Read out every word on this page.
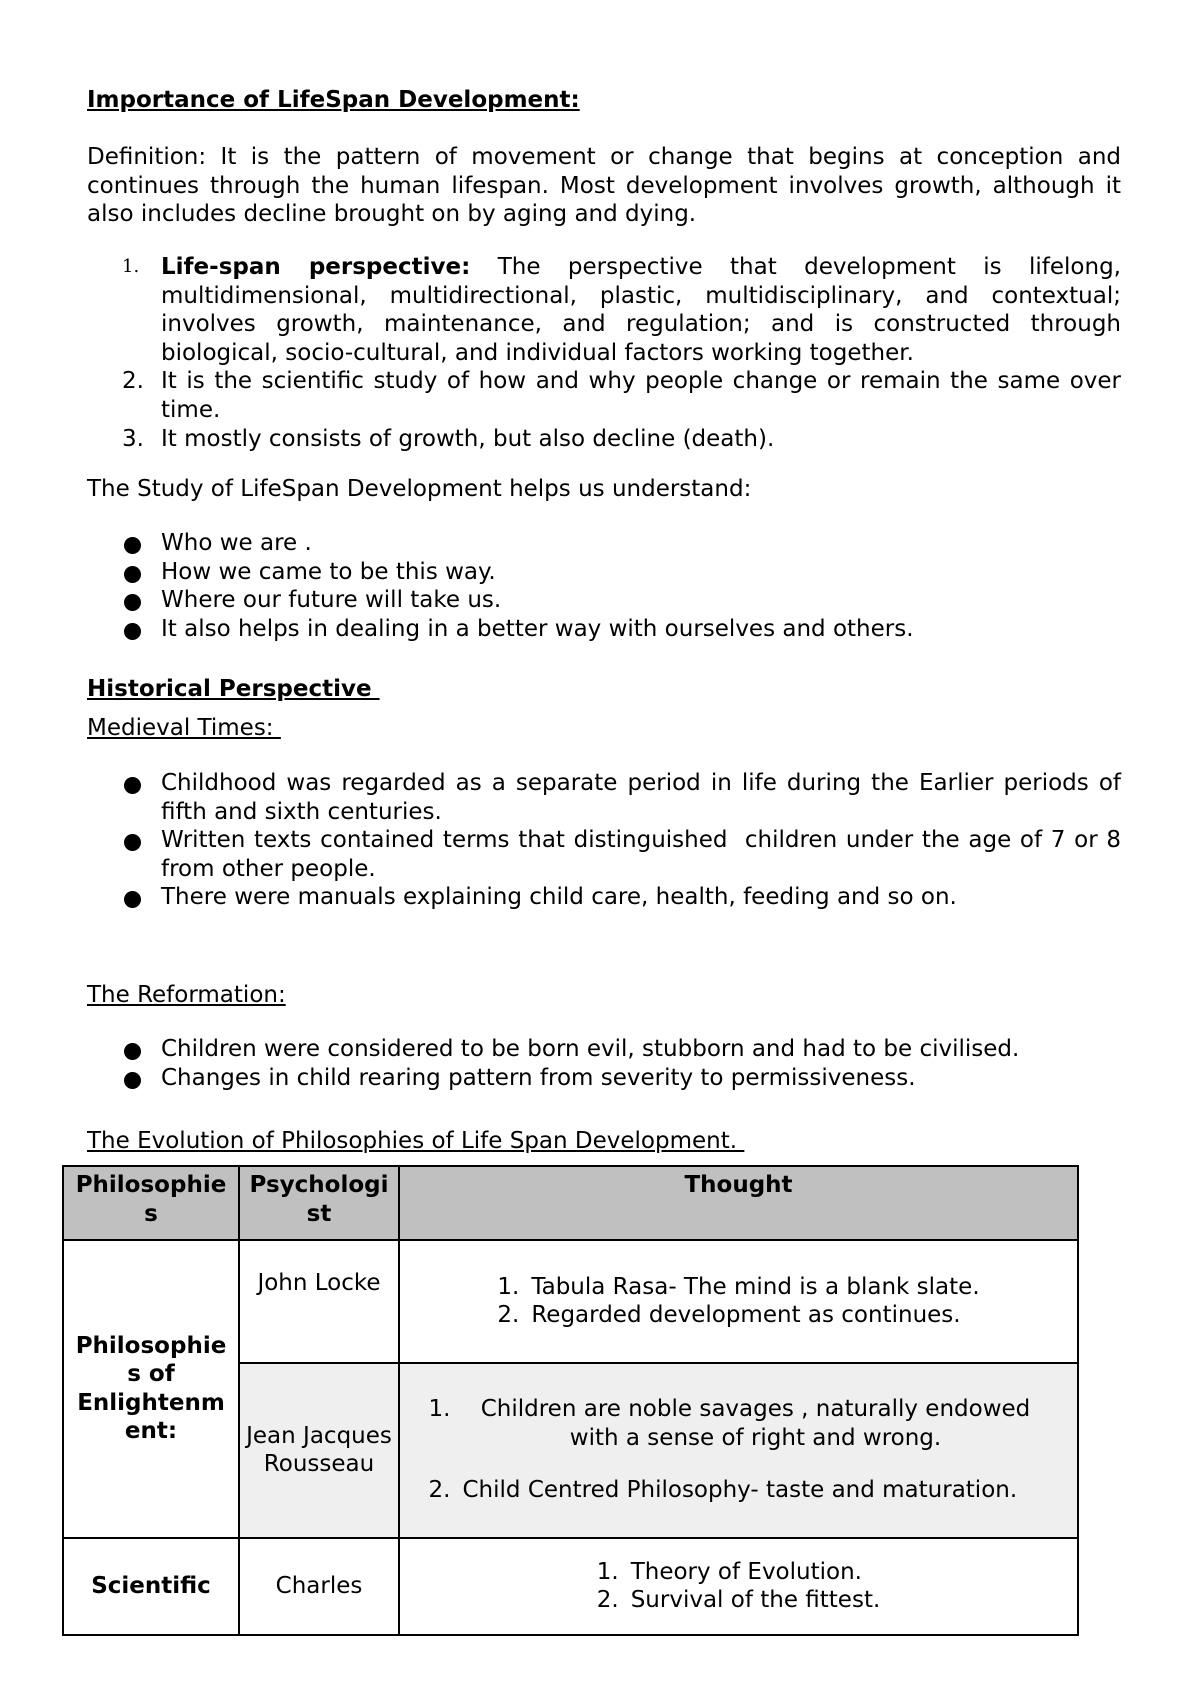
Importance of LifeSpan Development:
Definition: It is the pattern of movement or change that begins at conception and continues through the human lifespan. Most development involves growth, although it also includes decline brought on by aging and dying.
1. Life-span perspective: The perspective that development is lifelong, multidimensional, multidirectional, plastic, multidisciplinary, and contextual; involves growth, maintenance, and regulation; and is constructed through biological, socio-cultural, and individual factors working together.
2. It is the scientific study of how and why people change or remain the same over time.
3. It mostly consists of growth, but also decline (death).
The Study of LifeSpan Development helps us understand:
Who we are .
How we came to be this way.
Where our future will take us.
It also helps in dealing in a better way with ourselves and others.
Historical Perspective
Medieval Times:
Childhood was regarded as a separate period in life during the Earlier periods of fifth and sixth centuries.
Written texts contained terms that distinguished  children under the age of 7 or 8 from other people.
There were manuals explaining child care, health, feeding and so on.
The Reformation:
Children were considered to be born evil, stubborn and had to be civilised.
Changes in child rearing pattern from severity to permissiveness.
The Evolution of Philosophies of Life Span Development.
Philosophie s	Psychologi st	Thought
Philosophie s of Enlightenm ent:	John Locke	1. Tabula Rasa- The mind is a blank slate.
2. Regarded development as continues.

	Jean Jacques Rousseau	1. Children are noble savages , naturally endowed with a sense of right and wrong.
2. Child Centred Philosophy- taste and maturation.

Scientific	Charles	1. Theory of Evolution.
2. Survival of the fittest.
